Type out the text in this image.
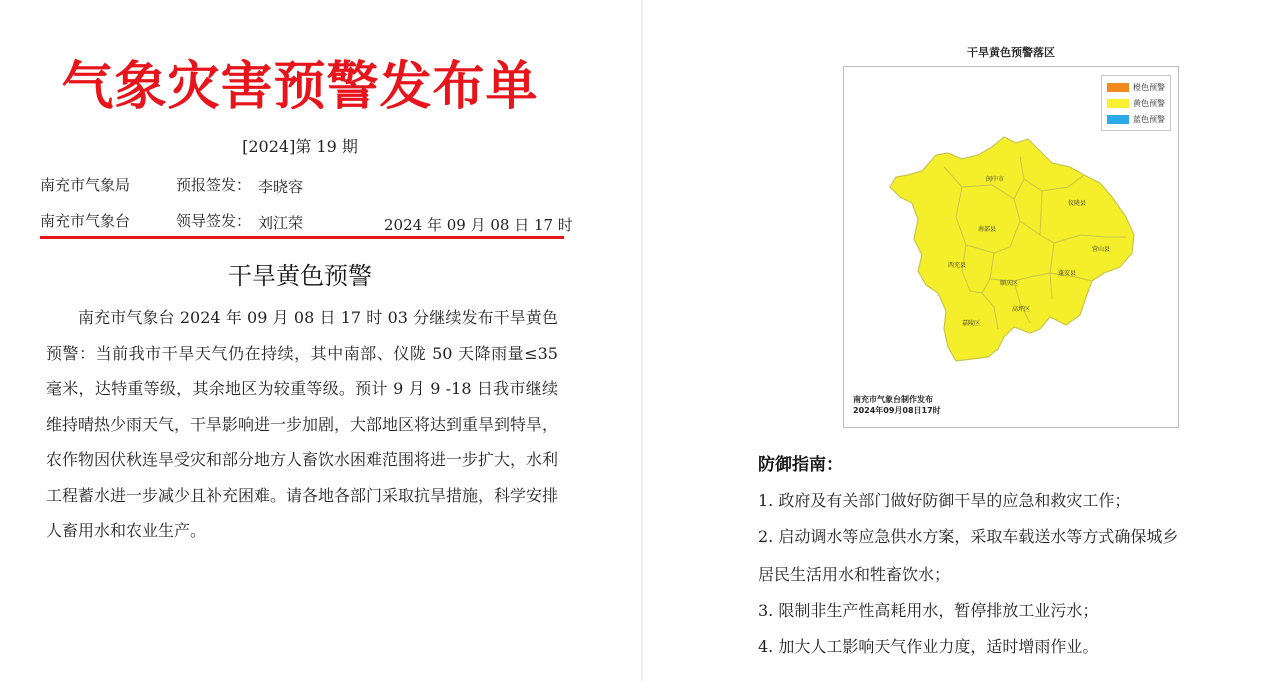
气象灾害预警发布单
[2024]第 19 期
南充市气象局	预报签发： 李晓容
南充市气象台	领导签发： 刘江荣	2024 年 09 月 08 日 17 时
干旱黄色预警

南充市气象台 2024 年 09 月 08 日 17 时 03 分继续发布干旱黄色预警：当前我市干旱天气仍在持续，其中南部、仪陇 50 天降雨量≤35 毫米，达特重等级，其余地区为较重等级。预计 9 月 9 -18 日我市继续维持晴热少雨天气，干旱影响进一步加剧，大部地区将达到重旱到特旱，农作物因伏秋连旱受灾和部分地方人畜饮水困难范围将进一步扩大，水利工程蓄水进一步减少且补充困难。请各地各部门采取抗旱措施，科学安排人畜用水和农业生产。

干旱黄色预警落区
阆中市
仪陇县
南部县
营山县
西充县
顺庆区
蓬安县
嘉陵区
高坪区
橙色预警
黄色预警
蓝色预警
南充市气象台制作发布
2024年09月08日17时
防御指南：
1. 政府及有关部门做好防御干旱的应急和救灾工作；
2. 启动调水等应急供水方案，采取车载送水等方式确保城乡
居民生活用水和牲畜饮水；
3. 限制非生产性高耗用水，暂停排放工业污水；
4. 加大人工影响天气作业力度，适时增雨作业。
